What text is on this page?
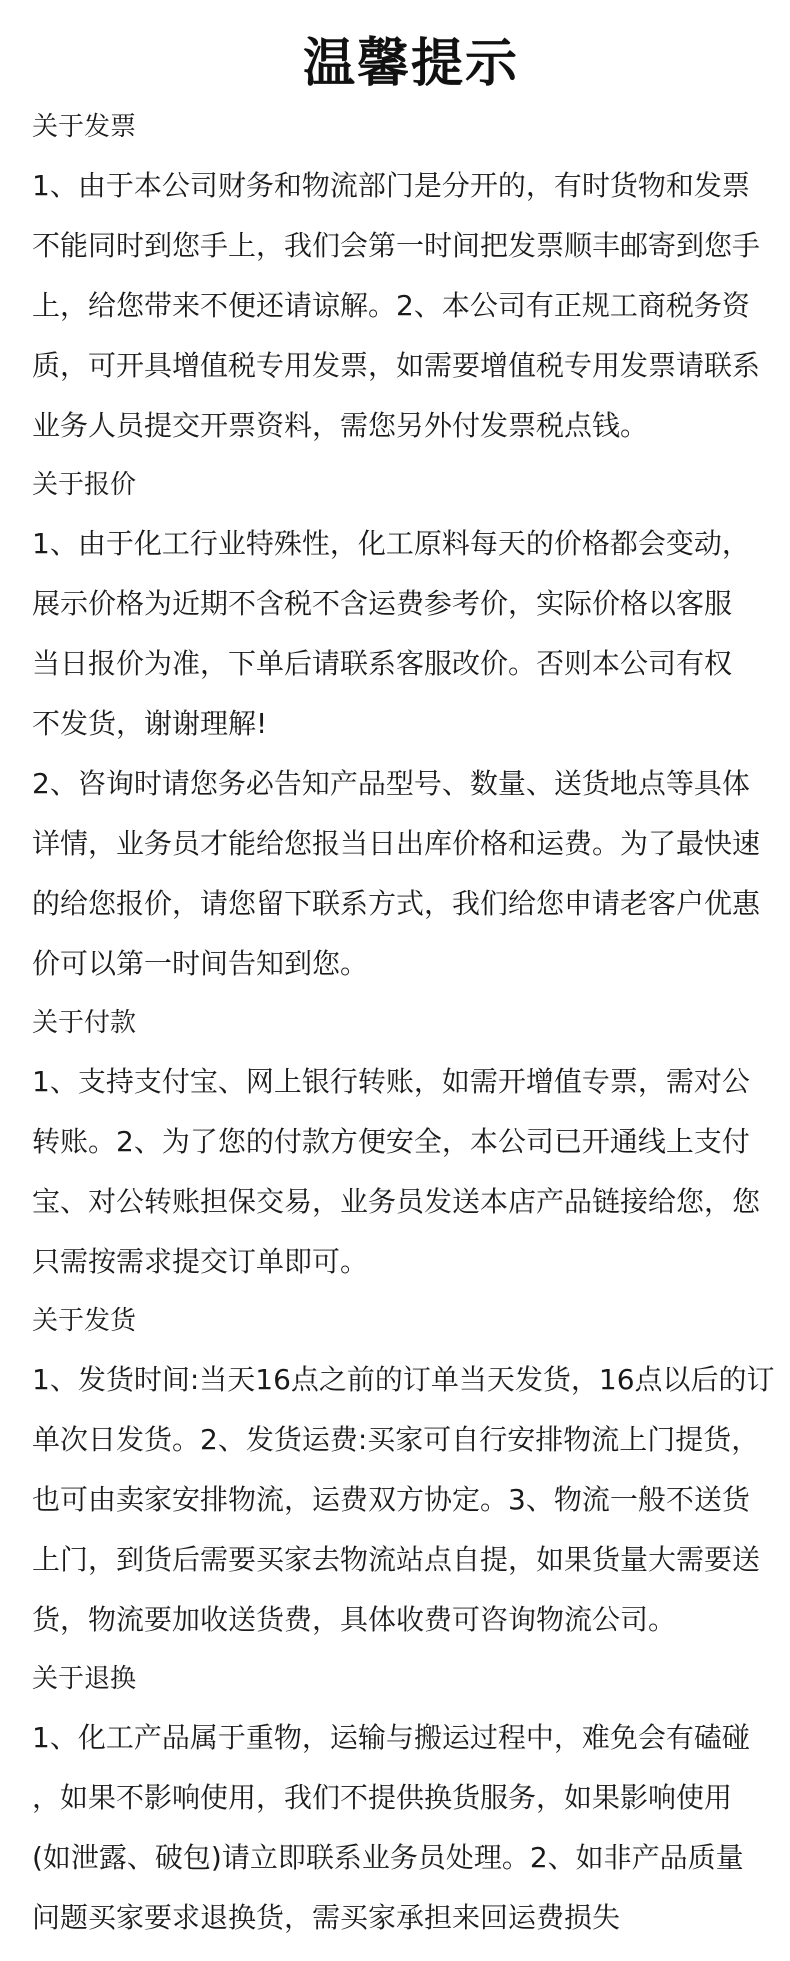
温馨提示
关于发票

1、由于本公司财务和物流部门是分开的，有时货物和发票
不能同时到您手上，我们会第一时间把发票顺丰邮寄到您手
上，给您带来不便还请谅解。2、本公司有正规工商税务资
质，可开具增值税专用发票，如需要增值税专用发票请联系
业务人员提交开票资料，需您另外付发票税点钱。

关于报价

1、由于化工行业特殊性，化工原料每天的价格都会变动，
展示价格为近期不含税不含运费参考价，实际价格以客服
当日报价为准，下单后请联系客服改价。否则本公司有权
不发货，谢谢理解!

2、咨询时请您务必告知产品型号、数量、送货地点等具体
详情，业务员才能给您报当日出库价格和运费。为了最快速
的给您报价，请您留下联系方式，我们给您申请老客户优惠
价可以第一时间告知到您。

关于付款

1、支持支付宝、网上银行转账，如需开增值专票，需对公
转账。2、为了您的付款方便安全，本公司已开通线上支付
宝、对公转账担保交易，业务员发送本店产品链接给您，您
只需按需求提交订单即可。

关于发货

1、发货时间:当天16点之前的订单当天发货，16点以后的订
单次日发货。2、发货运费:买家可自行安排物流上门提货，
也可由卖家安排物流，运费双方协定。3、物流一般不送货
上门，到货后需要买家去物流站点自提，如果货量大需要送
货，物流要加收送货费，具体收费可咨询物流公司。

关于退换

1、化工产品属于重物，运输与搬运过程中，难免会有磕碰
，如果不影响使用，我们不提供换货服务，如果影响使用
(如泄露、破包)请立即联系业务员处理。2、如非产品质量
问题买家要求退换货，需买家承担来回运费损失
